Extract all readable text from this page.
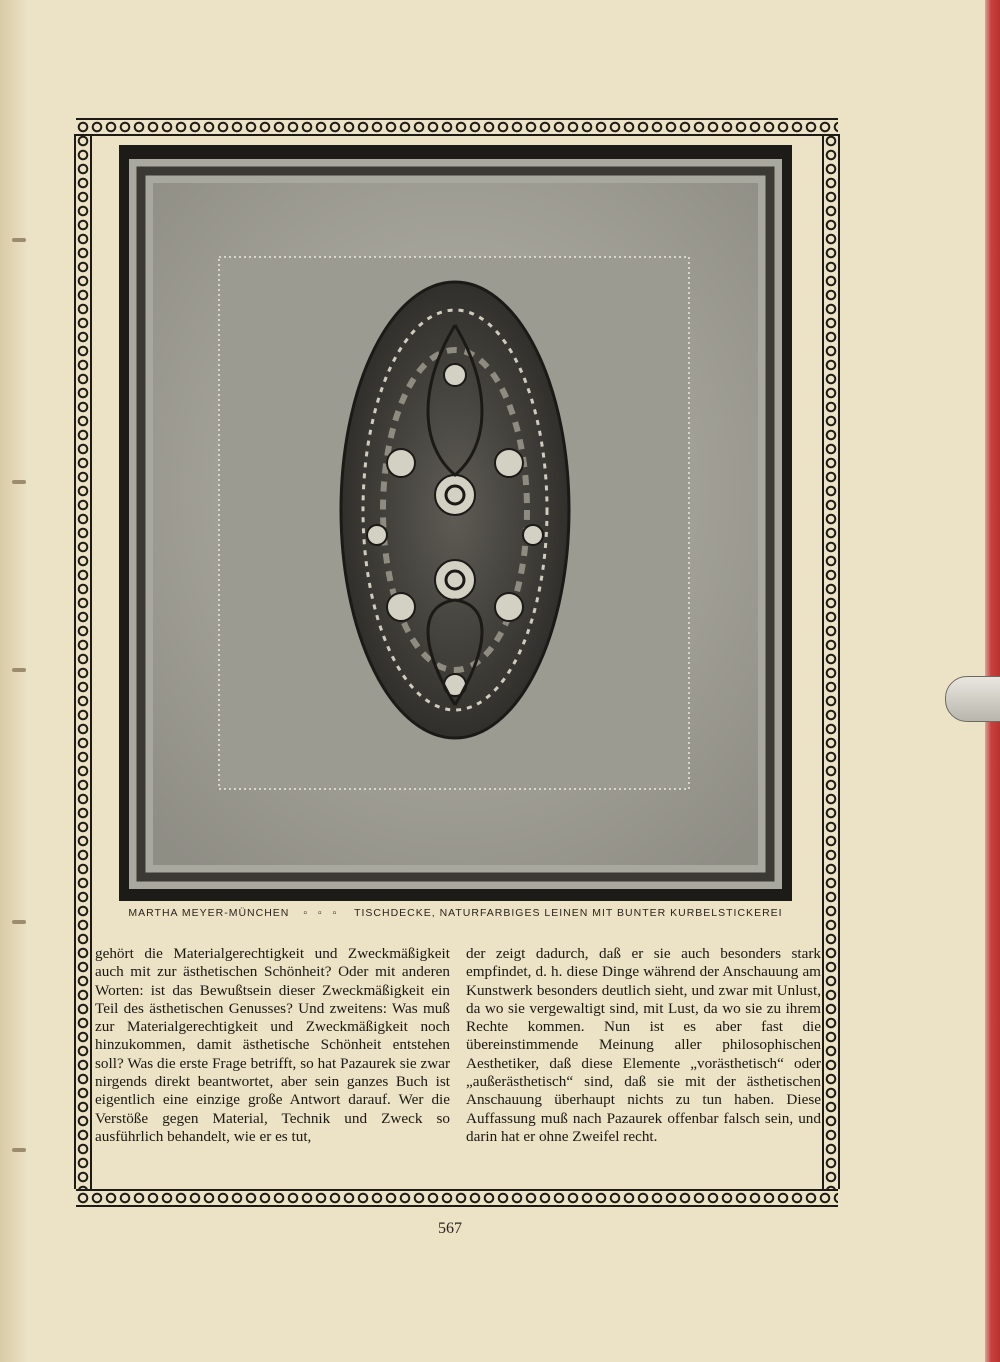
MARTHA MEYER-MÜNCHEN ▫ ▫ ▫ TISCHDECKE, NATURFARBIGES LEINEN MIT BUNTER KURBELSTICKEREI
gehört die Materialgerechtigkeit und Zweckmäßigkeit auch mit zur ästhetischen Schönheit? Oder mit anderen Worten: ist das Bewußtsein dieser Zweckmäßigkeit ein Teil des ästhetischen Genusses? Und zweitens: Was muß zur Materialgerechtigkeit und Zweckmäßigkeit noch hinzukommen, damit ästhetische Schönheit entstehen soll? Was die erste Frage betrifft, so hat Pazaurek sie zwar nirgends direkt beantwortet, aber sein ganzes Buch ist eigentlich eine einzige große Antwort darauf. Wer die Verstöße gegen Material, Technik und Zweck so ausführlich behandelt, wie er es tut,
der zeigt dadurch, daß er sie auch besonders stark empfindet, d. h. diese Dinge während der Anschauung am Kunstwerk besonders deutlich sieht, und zwar mit Unlust, da wo sie vergewaltigt sind, mit Lust, da wo sie zu ihrem Rechte kommen. Nun ist es aber fast die übereinstimmende Meinung aller philosophischen Aesthetiker, daß diese Elemente „vorästhetisch“ oder „außerästhetisch“ sind, daß sie mit der ästhetischen Anschauung überhaupt nichts zu tun haben. Diese Auffassung muß nach Pazaurek offenbar falsch sein, und darin hat er ohne Zweifel recht.
567
